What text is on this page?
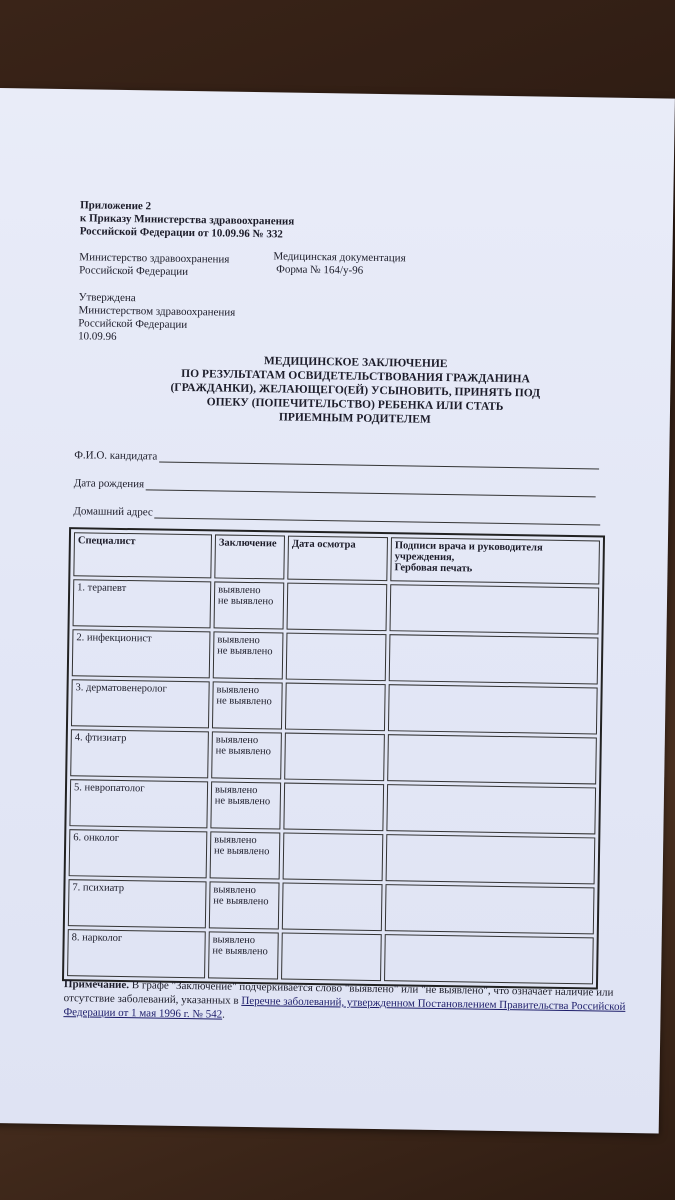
Приложение 2
к Приказу Министерства здравоохранения
Российской Федерации от 10.09.96 № 332
Министерство здравоохранения
Российской Федерации
Медицинская документация
Форма № 164/у-96
Утверждена
Министерством здравоохранения
Российской Федерации
10.09.96
МЕДИЦИНСКОЕ ЗАКЛЮЧЕНИЕ
ПО РЕЗУЛЬТАТАМ ОСВИДЕТЕЛЬСТВОВАНИЯ ГРАЖДАНИНА
(ГРАЖДАНКИ), ЖЕЛАЮЩЕГО(ЕЙ) УСЫНОВИТЬ, ПРИНЯТЬ ПОД
ОПЕКУ (ПОПЕЧИТЕЛЬСТВО) РЕБЕНКА ИЛИ СТАТЬ
ПРИЕМНЫМ РОДИТЕЛЕМ
Ф.И.О. кандидата
Дата рождения
Домашний адрес
Специалист	Заключение	Дата осмотра	Подписи врача и руководителя
учреждения,
Гербовая печать

1. терапевт	выявлено
не выявлено		

2. инфекционист	выявлено
не выявлено		

3. дерматовенеролог	выявлено
не выявлено		

4. фтизиатр	выявлено
не выявлено		

5. невропатолог	выявлено
не выявлено		

6. онколог	выявлено
не выявлено		

7. психиатр	выявлено
не выявлено		

8. нарколог	выявлено
не выявлено		

Примечание. В графе "Заключение" подчеркивается слово "выявлено" или "не выявлено", что означает наличие или отсутствие заболеваний, указанных в Перечне заболеваний, утвержденном Постановлением Правительства Российской Федерации от 1 мая 1996 г. № 542.
